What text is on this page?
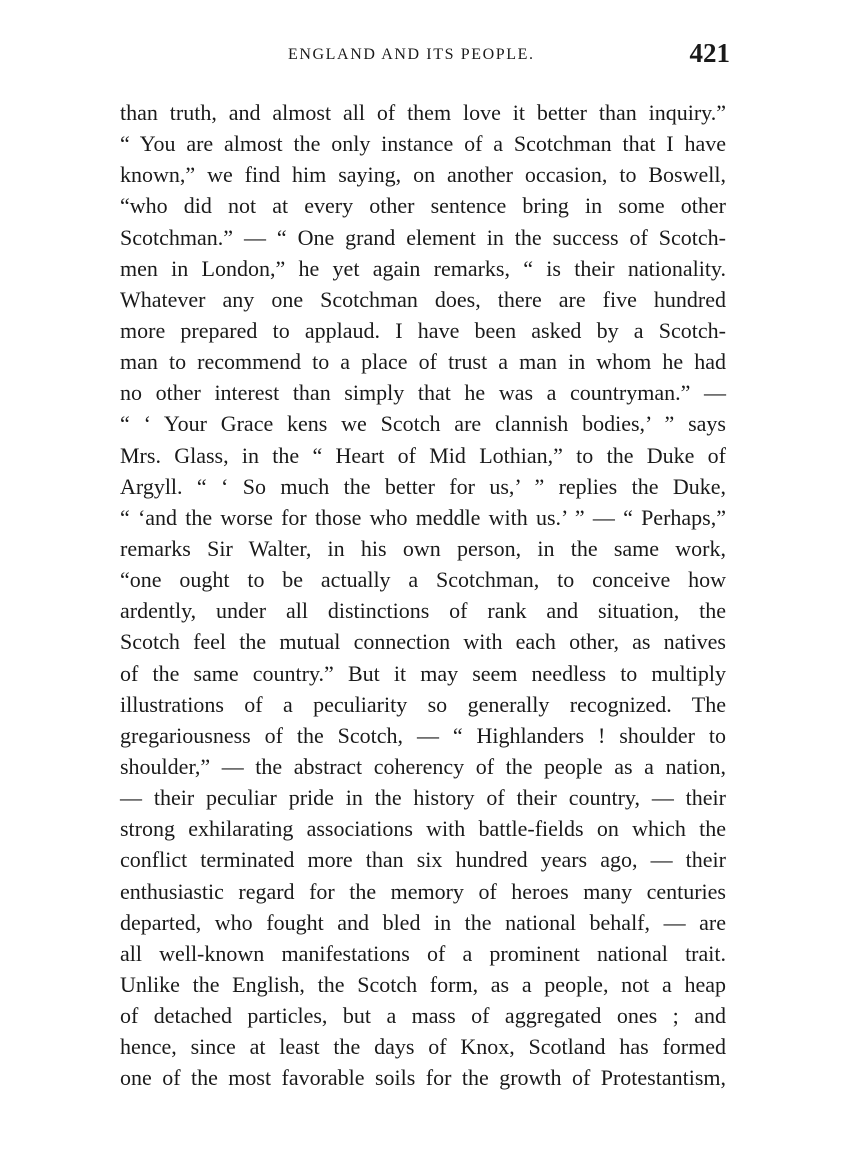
ENGLAND AND ITS PEOPLE.	421
than truth, and almost all of them love it better than inquiry.”
“ You are almost the only instance of a Scotchman that I have
known,” we find him saying, on another occasion, to Boswell,
“who did not at every other sentence bring in some other
Scotchman.” — “ One grand element in the success of Scotch-
men in London,” he yet again remarks, “ is their nationality.
Whatever any one Scotchman does, there are five hundred
more prepared to applaud. I have been asked by a Scotch-
man to recommend to a place of trust a man in whom he had
no other interest than simply that he was a countryman.” —
“ ‘ Your Grace kens we Scotch are clannish bodies,’ ” says
Mrs. Glass, in the “ Heart of Mid Lothian,” to the Duke of
Argyll. “ ‘ So much the better for us,’ ” replies the Duke,
“ ‘and the worse for those who meddle with us.’ ” — “ Perhaps,”
remarks Sir Walter, in his own person, in the same work,
“one ought to be actually a Scotchman, to conceive how
ardently, under all distinctions of rank and situation, the
Scotch feel the mutual connection with each other, as natives
of the same country.” But it may seem needless to multiply
illustrations of a peculiarity so generally recognized. The
gregariousness of the Scotch, — “ Highlanders ! shoulder to
shoulder,” — the abstract coherency of the people as a nation,
— their peculiar pride in the history of their country, — their
strong exhilarating associations with battle-fields on which the
conflict terminated more than six hundred years ago, — their
enthusiastic regard for the memory of heroes many centuries
departed, who fought and bled in the national behalf, — are
all well-known manifestations of a prominent national trait.
Unlike the English, the Scotch form, as a people, not a heap
of detached particles, but a mass of aggregated ones ; and
hence, since at least the days of Knox, Scotland has formed
one of the most favorable soils for the growth of Protestantism,
